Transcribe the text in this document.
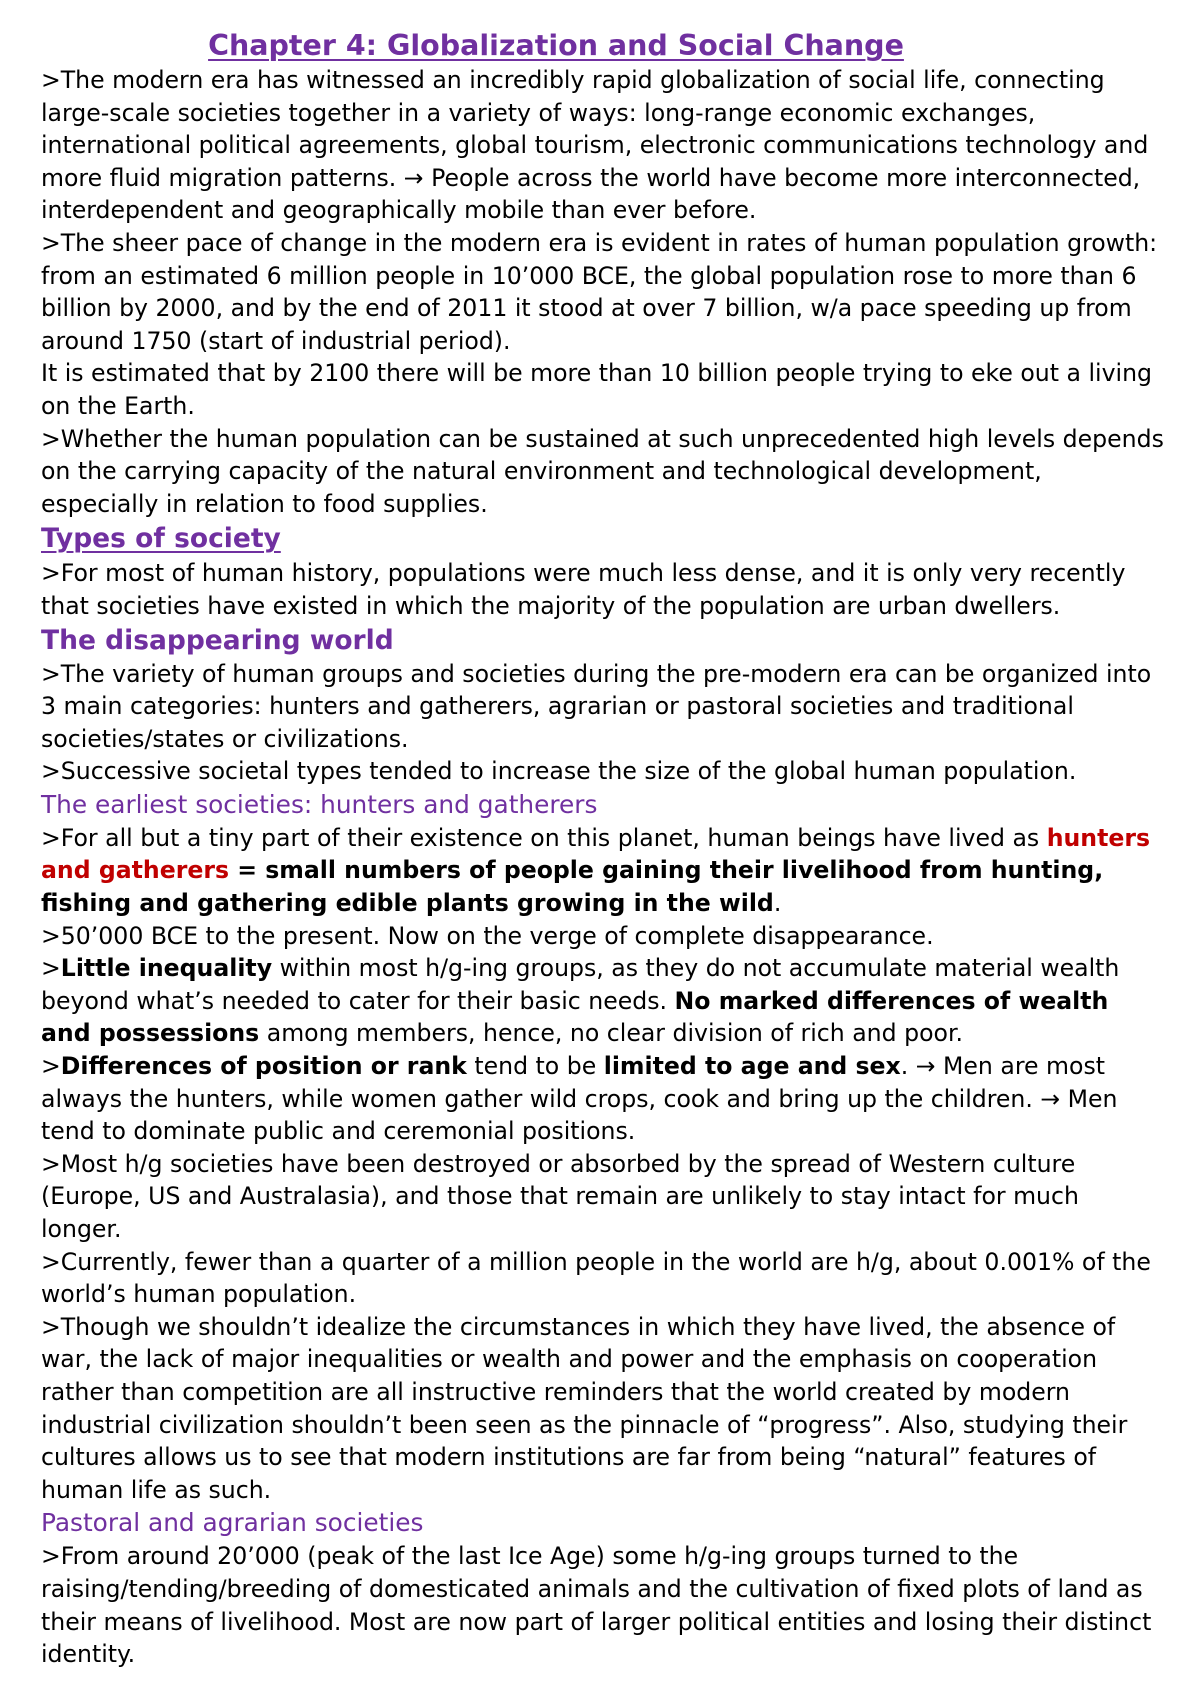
Chapter 4: Globalization and Social Change

>The modern era has witnessed an incredibly rapid globalization of social life, connecting large-scale societies together in a variety of ways: long-range economic exchanges, international political agreements, global tourism, electronic communications technology and more fluid migration patterns. → People across the world have become more interconnected, interdependent and geographically mobile than ever before.

>The sheer pace of change in the modern era is evident in rates of human population growth: from an estimated 6 million people in 10’000 BCE, the global population rose to more than 6 billion by 2000, and by the end of 2011 it stood at over 7 billion, w/a pace speeding up from around 1750 (start of industrial period).

It is estimated that by 2100 there will be more than 10 billion people trying to eke out a living on the Earth.

>Whether the human population can be sustained at such unprecedented high levels depends on the carrying capacity of the natural environment and technological development, especially in relation to food supplies.

Types of society

>For most of human history, populations were much less dense, and it is only very recently that societies have existed in which the majority of the population are urban dwellers.

The disappearing world

>The variety of human groups and societies during the pre-modern era can be organized into 3 main categories: hunters and gatherers, agrarian or pastoral societies and traditional societies/states or civilizations.

>Successive societal types tended to increase the size of the global human population.

The earliest societies: hunters and gatherers

>For all but a tiny part of their existence on this planet, human beings have lived as hunters and gatherers = small numbers of people gaining their livelihood from hunting, fishing and gathering edible plants growing in the wild.

>50’000 BCE to the present. Now on the verge of complete disappearance.

>Little inequality within most h/g-ing groups, as they do not accumulate material wealth beyond what’s needed to cater for their basic needs. No marked differences of wealth and possessions among members, hence, no clear division of rich and poor.

>Differences of position or rank tend to be limited to age and sex. → Men are most always the hunters, while women gather wild crops, cook and bring up the children. → Men tend to dominate public and ceremonial positions.

>Most h/g societies have been destroyed or absorbed by the spread of Western culture (Europe, US and Australasia), and those that remain are unlikely to stay intact for much longer.

>Currently, fewer than a quarter of a million people in the world are h/g, about 0.001% of the world’s human population.

>Though we shouldn’t idealize the circumstances in which they have lived, the absence of war, the lack of major inequalities or wealth and power and the emphasis on cooperation rather than competition are all instructive reminders that the world created by modern industrial civilization shouldn’t been seen as the pinnacle of “progress”. Also, studying their cultures allows us to see that modern institutions are far from being “natural” features of human life as such.

Pastoral and agrarian societies

>From around 20’000 (peak of the last Ice Age) some h/g-ing groups turned to the raising/tending/breeding of domesticated animals and the cultivation of fixed plots of land as their means of livelihood. Most are now part of larger political entities and losing their distinct identity.
